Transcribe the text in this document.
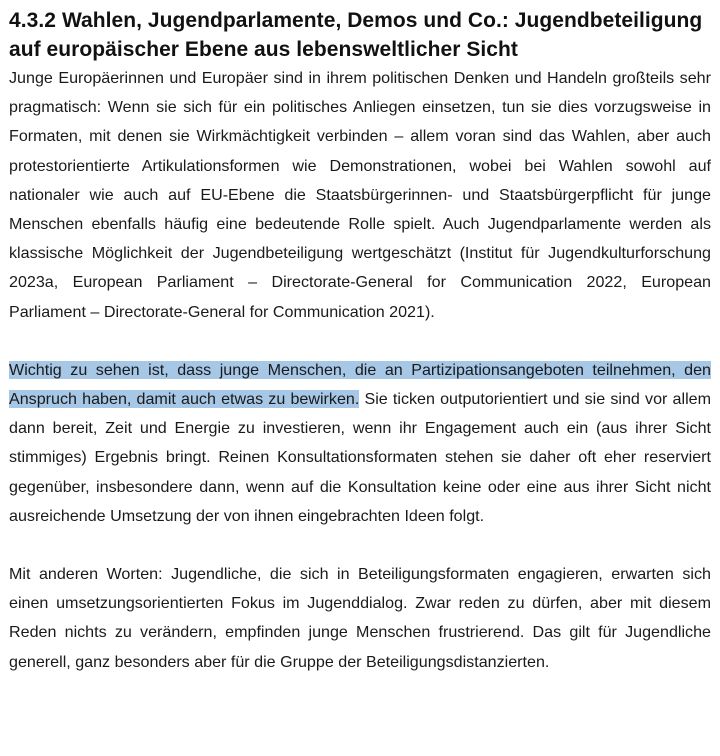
4.3.2 Wahlen, Jugendparlamente, Demos und Co.: Jugendbeteiligung auf europäischer Ebene aus lebensweltlicher Sicht

Junge Europäerinnen und Europäer sind in ihrem politischen Denken und Handeln großteils sehr pragmatisch: Wenn sie sich für ein politisches Anliegen einsetzen, tun sie dies vorzugsweise in Formaten, mit denen sie Wirkmächtigkeit verbinden – allem voran sind das Wahlen, aber auch protestorientierte Artikulationsformen wie Demonstrationen, wobei bei Wahlen sowohl auf nationaler wie auch auf EU-Ebene die Staatsbürgerinnen- und Staatsbürgerpflicht für junge Menschen ebenfalls häufig eine bedeutende Rolle spielt. Auch Jugendparlamente werden als klassische Möglichkeit der Jugendbeteiligung wertgeschätzt (Institut für Jugendkulturforschung 2023a, European Parliament – Directorate-General for Communication 2022, European Parliament – Directorate-General for Communication 2021).

Wichtig zu sehen ist, dass junge Menschen, die an Partizipationsangeboten teilnehmen, den Anspruch haben, damit auch etwas zu bewirken. Sie ticken outputorientiert und sie sind vor allem dann bereit, Zeit und Energie zu investieren, wenn ihr Engagement auch ein (aus ihrer Sicht stimmiges) Ergebnis bringt. Reinen Konsultationsformaten stehen sie daher oft eher reserviert gegenüber, insbesondere dann, wenn auf die Konsultation keine oder eine aus ihrer Sicht nicht ausreichende Umsetzung der von ihnen eingebrachten Ideen folgt.

Mit anderen Worten: Jugendliche, die sich in Beteiligungsformaten engagieren, erwarten sich einen umsetzungsorientierten Fokus im Jugenddialog. Zwar reden zu dürfen, aber mit diesem Reden nichts zu verändern, empfinden junge Menschen frustrierend. Das gilt für Jugendliche generell, ganz besonders aber für die Gruppe der Beteiligungsdistanzierten.
